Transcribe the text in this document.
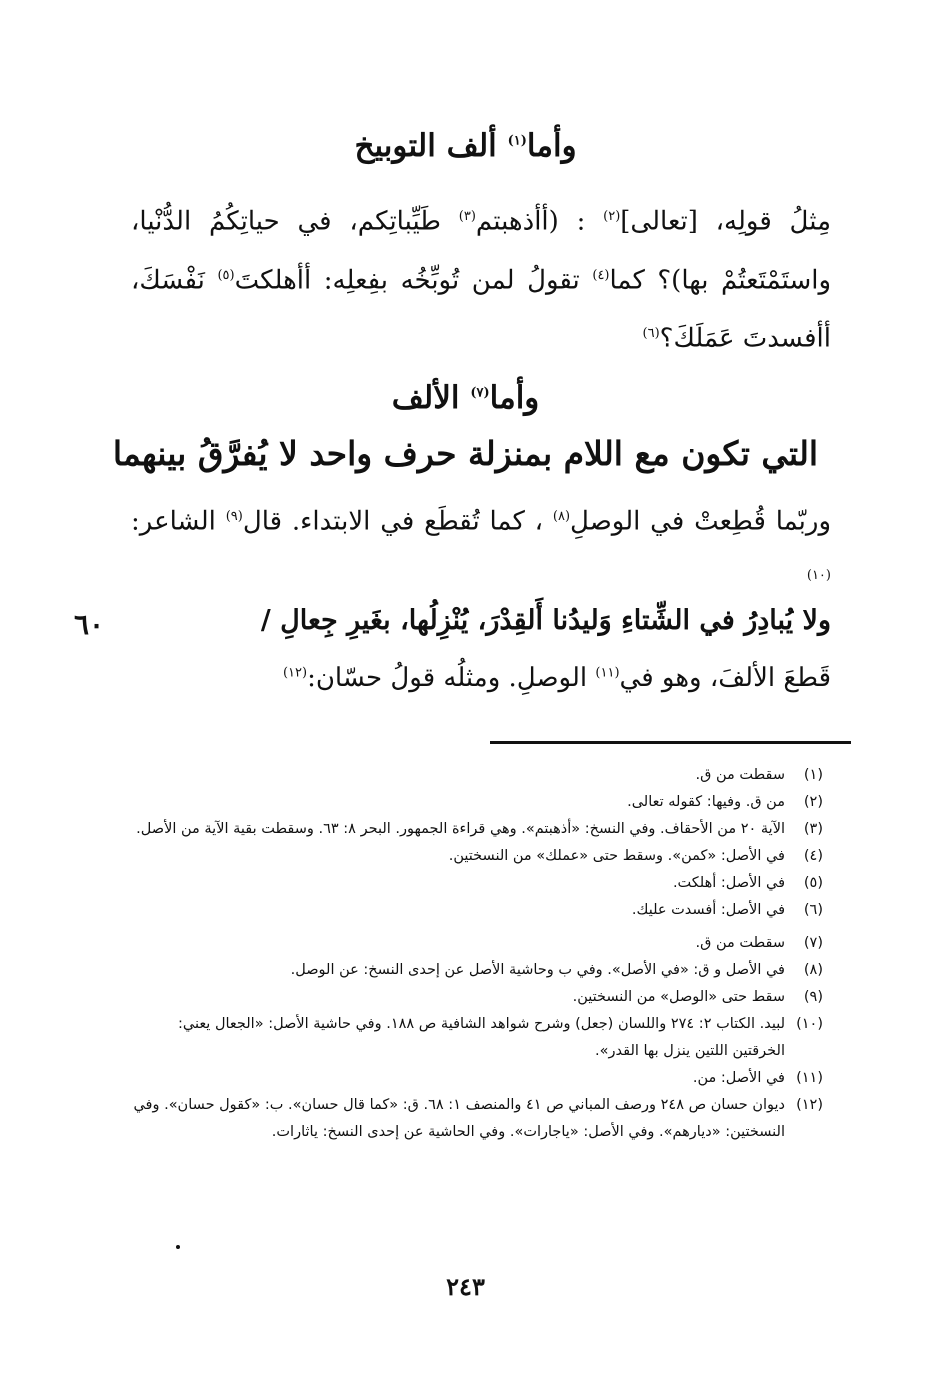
وأما$^{(١)}$ ألف التوبيخ
مِثلُ قولِه، [تعالى]$^{(٢)}$ : (أأذهبتم$^{(٣)}$ طَيِّباتِكم، في حياتِكُمُ الدُّنْيا، واستَمْتَعتُمْ بها)؟ كما$^{(٤)}$ تقولُ لمن تُوبِّخُه بفِعلِه: أأهلكتَ$^{(٥)}$ نَفْسَكَ، أأفسدتَ عَمَلَكَ؟$^{(٦)}$
وأما$^{(٧)}$ الألف
التي تكون مع اللام بمنزلة حرف واحد لا يُفرَّقُ بينهما
وربّما قُطِعتْ في الوصلِ$^{(٨)}$ ، كما تُقطَع في الابتداء. قال$^{(٩)}$ الشاعر:$^{(١٠)}$
ولا يُبادِرُ في الشِّتاءِ وَليدُنا أَلقِدْرَ، يُنْزِلُها، بغَيرِ جِعالِ /
٦٠
قَطعَ الألفَ، وهو في$^{(١١)}$ الوصلِ. ومثلُه قولُ حسّان:$^{(١٢)}$
(١)
سقطت من ق.
(٢)
من ق. وفيها: كقوله تعالى.
(٣)
الآية ٢٠ من الأحقاف. وفي النسخ: «أذهبتم». وهي قراءة الجمهور. البحر ٨: ٦٣. وسقطت بقية الآية من الأصل.
(٤)
في الأصل: «كمن». وسقط حتى «عملك» من النسختين.
(٥)
في الأصل: أهلكت.
(٦)
في الأصل: أفسدت عليك.
(٧)
سقطت من ق.
(٨)
في الأصل و ق: «في الأصل». وفي ب وحاشية الأصل عن إحدى النسخ: عن الوصل.
(٩)
سقط حتى «الوصل» من النسختين.
(١٠)
لبيد. الكتاب ٢: ٢٧٤ واللسان (جعل) وشرح شواهد الشافية ص ١٨٨. وفي حاشية الأصل: «الجعال يعني: الخرقتين اللتين ينزل بها القدر».
(١١)
في الأصل: من.
(١٢)
ديوان حسان ص ٢٤٨ ورصف المباني ص ٤١ والمنصف ١: ٦٨. ق: «كما قال حسان». ب: «كقول حسان». وفي النسختين: «ديارهم». وفي الأصل: «ياجارات». وفي الحاشية عن إحدى النسخ: ياثارات.
٢٤٣
